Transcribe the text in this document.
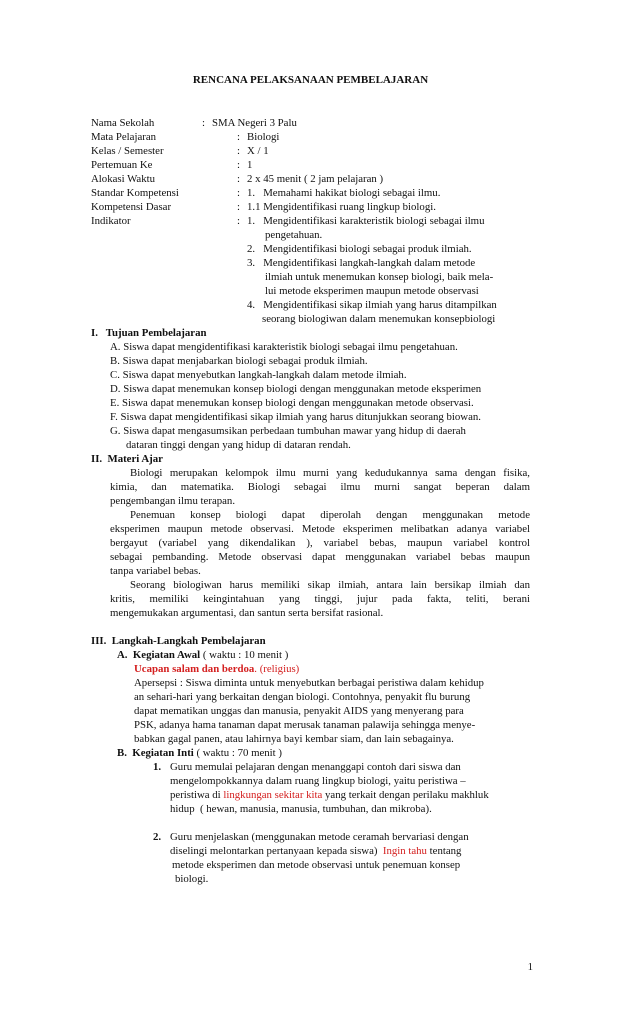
RENCANA PELAKSANAAN PEMBELAJARAN
Nama Sekolah	: SMA Negeri 3 Palu
Mata Pelajaran	: Biologi
Kelas / Semester	: X / 1
Pertemuan Ke	: 1
Alokasi Waktu	: 2 x 45 menit ( 2 jam pelajaran )
Standar Kompetensi	: 1.   Memahami hakikat biologi sebagai ilmu.
Kompetensi Dasar	: 1.1 Mengidentifikasi ruang lingkup biologi.
Indikator	: 1.   Mengidentifikasi karakteristik biologi sebagai ilmu
pengetahuan.
2.   Mengidentifikasi biologi sebagai produk ilmiah.
3.   Mengidentifikasi langkah-langkah dalam metode
ilmiah untuk menemukan konsep biologi, baik mela-
lui metode eksperimen maupun metode observasi
4.   Mengidentifikasi sikap ilmiah yang harus ditampilkan
seorang biologiwan dalam menemukan konsepbiologi
I.   Tujuan Pembelajaran
A. Siswa dapat mengidentifikasi karakteristik biologi sebagai ilmu pengetahuan.
B. Siswa dapat menjabarkan biologi sebagai produk ilmiah.
C. Siswa dapat menyebutkan langkah-langkah dalam metode ilmiah.
D. Siswa dapat menemukan konsep biologi dengan menggunakan metode eksperimen
E. Siswa dapat menemukan konsep biologi dengan menggunakan metode observasi.
F. Siswa dapat mengidentifikasi sikap ilmiah yang harus ditunjukkan seorang biowan.
G. Siswa dapat mengasumsikan perbedaan tumbuhan mawar yang hidup di daerah
dataran tinggi dengan yang hidup di dataran rendah.
II.  Materi Ajar
Biologi merupakan kelompok ilmu murni yang kedudukannya sama dengan fisika,
kimia,  dan  matematika.  Biologi  sebagai  ilmu  murni  sangat  beperan  dalam
pengembangan ilmu terapan.
Penemuan  konsep  biologi  dapat  diperolah  dengan  menggunakan  metode
eksperimen maupun metode observasi. Metode eksperimen melibatkan adanya variabel
bergayut  (variabel  yang  dikendalikan  ),  variabel  bebas,  maupun  variabel  kontrol
sebagai  pembanding.  Metode  observasi  dapat  menggunakan  variabel  bebas  maupun
tanpa variabel bebas.
Seorang biologiwan harus memiliki sikap ilmiah, antara lain bersikap ilmiah dan
kritis,  memiliki  keingintahuan  yang  tinggi,  jujur  pada  fakta,  teliti,  berani
mengemukakan argumentasi, dan santun serta bersifat rasional.
III.  Langkah-Langkah Pembelajaran
A.  Kegiatan Awal ( waktu : 10 menit )
Ucapan salam dan berdoa. (religius)
Apersepsi : Siswa diminta untuk menyebutkan berbagai peristiwa dalam kehidup
an sehari-hari yang berkaitan dengan biologi. Contohnya, penyakit flu burung
dapat mematikan unggas dan manusia, penyakit AIDS yang menyerang para
PSK, adanya hama tanaman dapat merusak tanaman palawija sehingga menye-
babkan gagal panen, atau lahirnya bayi kembar siam, dan lain sebagainya.
B.  Kegiatan Inti ( waktu : 70 menit )
1. Guru memulai pelajaran dengan menanggapi contoh dari siswa dan
mengelompokkannya dalam ruang lingkup biologi, yaitu peristiwa –
peristiwa di lingkungan sekitar kita yang terkait dengan perilaku makhluk
hidup  ( hewan, manusia, manusia, tumbuhan, dan mikroba).
2. Guru menjelaskan (menggunakan metode ceramah bervariasi dengan
diselingi melontarkan pertanyaan kepada siswa)  Ingin tahu tentang
metode eksperimen dan metode observasi untuk penemuan konsep
biologi.
1
